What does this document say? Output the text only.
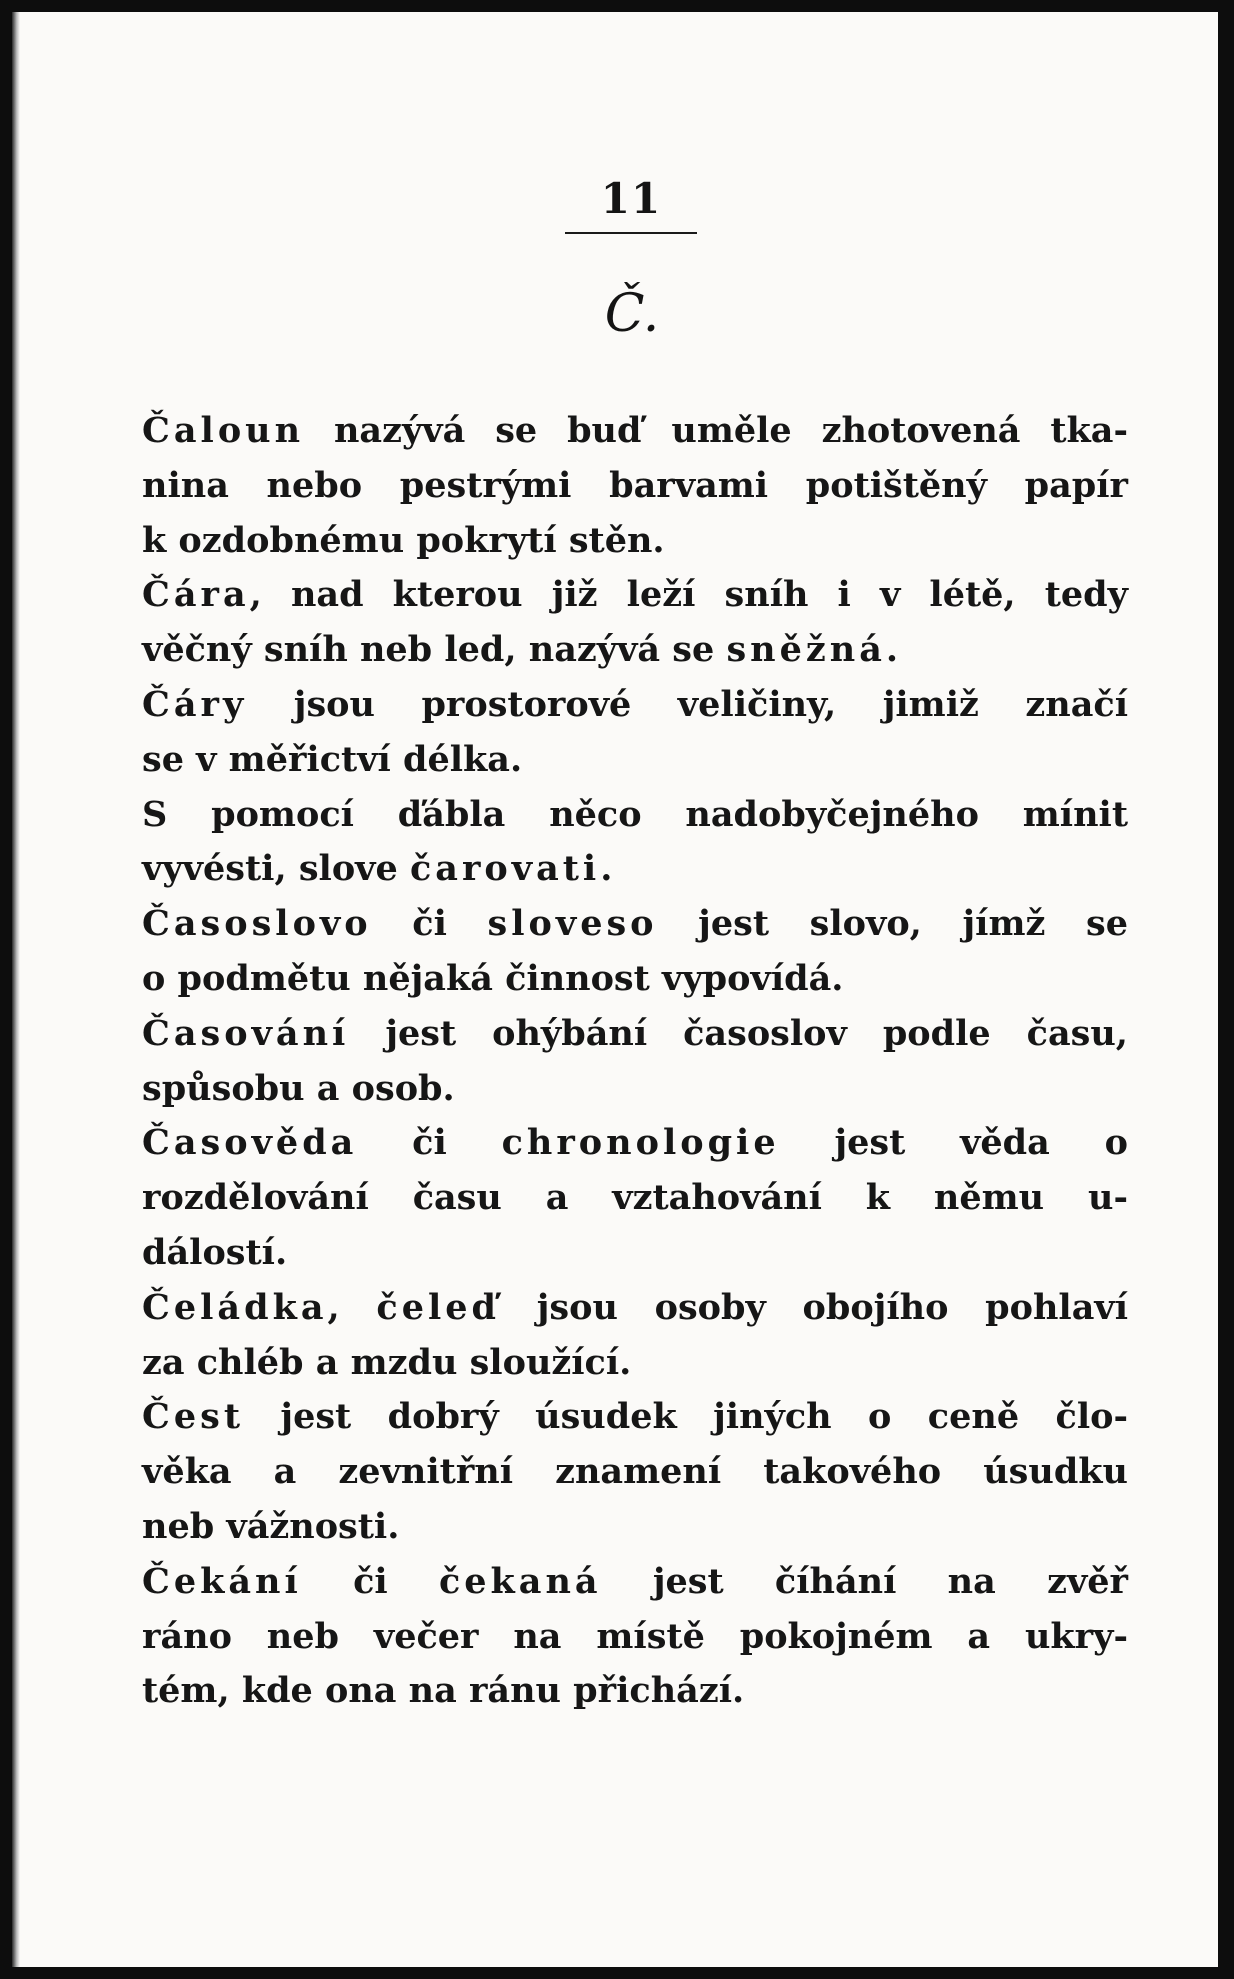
11
Č.

Čaloun nazývá se buď uměle zhotovená tka-
nina nebo pestrými barvami potištěný papír
k ozdobnému pokrytí stěn.

Čára, nad kterou již leží sníh i v létě, tedy
věčný sníh neb led, nazývá se sněžná.

Čáry jsou prostorové veličiny, jimiž značí
se v měřictví délka.

S pomocí ďábla něco nadobyčejného mínit
vyvésti, slove čarovati.

Časoslovo či sloveso jest slovo, jímž se
o podmětu nějaká činnost vypovídá.

Časování jest ohýbání časoslov podle času,
spůsobu a osob.

Časověda či chronologie jest věda o
rozdělování času a vztahování k němu u-
dálostí.

Čeládka, čeleď jsou osoby obojího pohlaví
za chléb a mzdu sloužící.

Čest jest dobrý úsudek jiných o ceně člo-
věka a zevnitřní znamení takového úsudku
neb vážnosti.

Čekání či čekaná jest číhání na zvěř
ráno neb večer na místě pokojném a ukry-
tém, kde ona na ránu přichází.
